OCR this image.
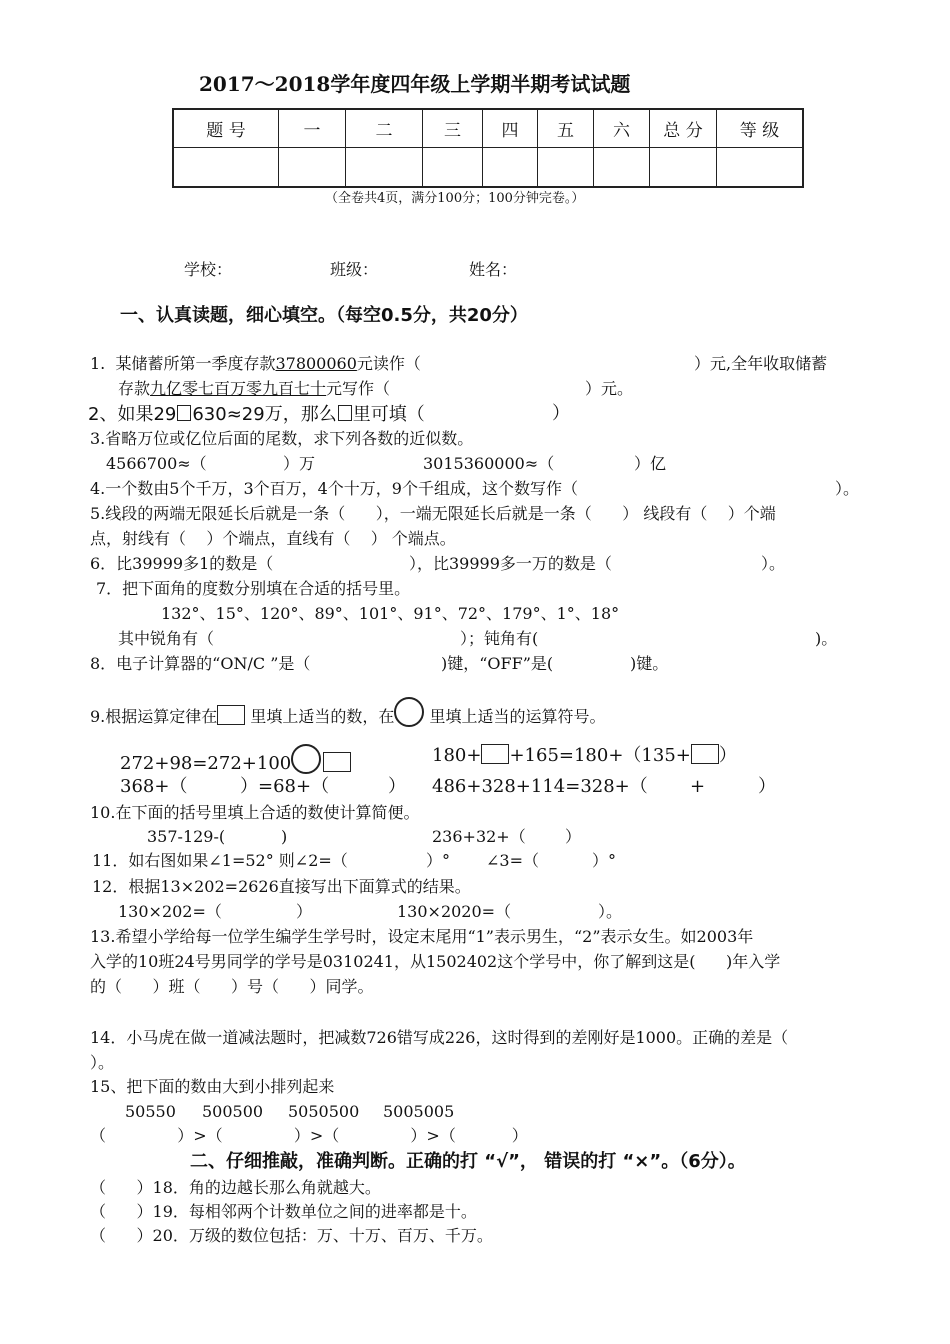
2017～2018学年度四年级上学期半期考试试题
题 号	一	二	三	四	五	六	总 分	等 级

（全卷共4页，满分100分；100分钟完卷。）
学校：	班级：	姓名：
一、认真读题，细心填空。（每空0.5分，共20分）
1.  某储蓄所第一季度存款37800060元读作（	）元,全年收取储蓄
存款九亿零七百万零九百七十元写作（	）元。
2、如果29 630≈29万，那么 里可填（	）
3.省略万位或亿位后面的尾数，求下列各数的近似数。
4566700≈（	）万	3015360000≈（	）亿
4.一个数由5个千万，3个百万，4个十万，9个千组成，这个数写作（	）。
5.线段的两端无限延长后就是一条（      ），一端无限延长后就是一条（      ） 线段有（    ）个端
点，射线有（    ）个端点，直线有（    ） 个端点。
6．比39999多1的数是（	），比39999多一万的数是（	）。
7．把下面角的度数分别填在合适的括号里。
132°、15°、120°、89°、101°、91°、72°、179°、1°、18°
其中锐角有（	）；钝角有(	)。
8．电子计算器的“ON/C ”是（	)键，“OFF”是(	)键。
9.根据运算定律在 里填上适当的数，在 里填上适当的运算符号。
272+98=272+100	180+ +165=180+（135+ ）
368+（	）=68+（	） 486+328+114=328+（ +	）
10.在下面的括号里填上合适的数使计算简便。
357-129-(	)	236+32+（ ）
11．如右图如果∠1=52° 则∠2=（	）° ∠3=（	）°
12．根据13×202=2626直接写出下面算式的结果。
130×202=（	）	130×2020=（	）。
13.希望小学给每一位学生编学生学号时，设定末尾用“1”表示男生，“2”表示女生。如2003年
入学的10班24号男同学的学号是0310241，从1502402这个学号中，你了解到这是(      )年入学
的（      ）班（      ）号（      ）同学。
14．小马虎在做一道减法题时，把减数726错写成226，这时得到的差刚好是1000。正确的差是（
）。
15、把下面的数由大到小排列起来
50550 500500 5050500 5005005
（              ）>（              ）>（              ）>（           ）
二、仔细推敲，准确判断。正确的打 “√”， 错误的打 “×”。（6分）。
（      ）18．角的边越长那么角就越大。
（      ）19．每相邻两个计数单位之间的进率都是十。
（      ）20．万级的数位包括：万、十万、百万、千万。
